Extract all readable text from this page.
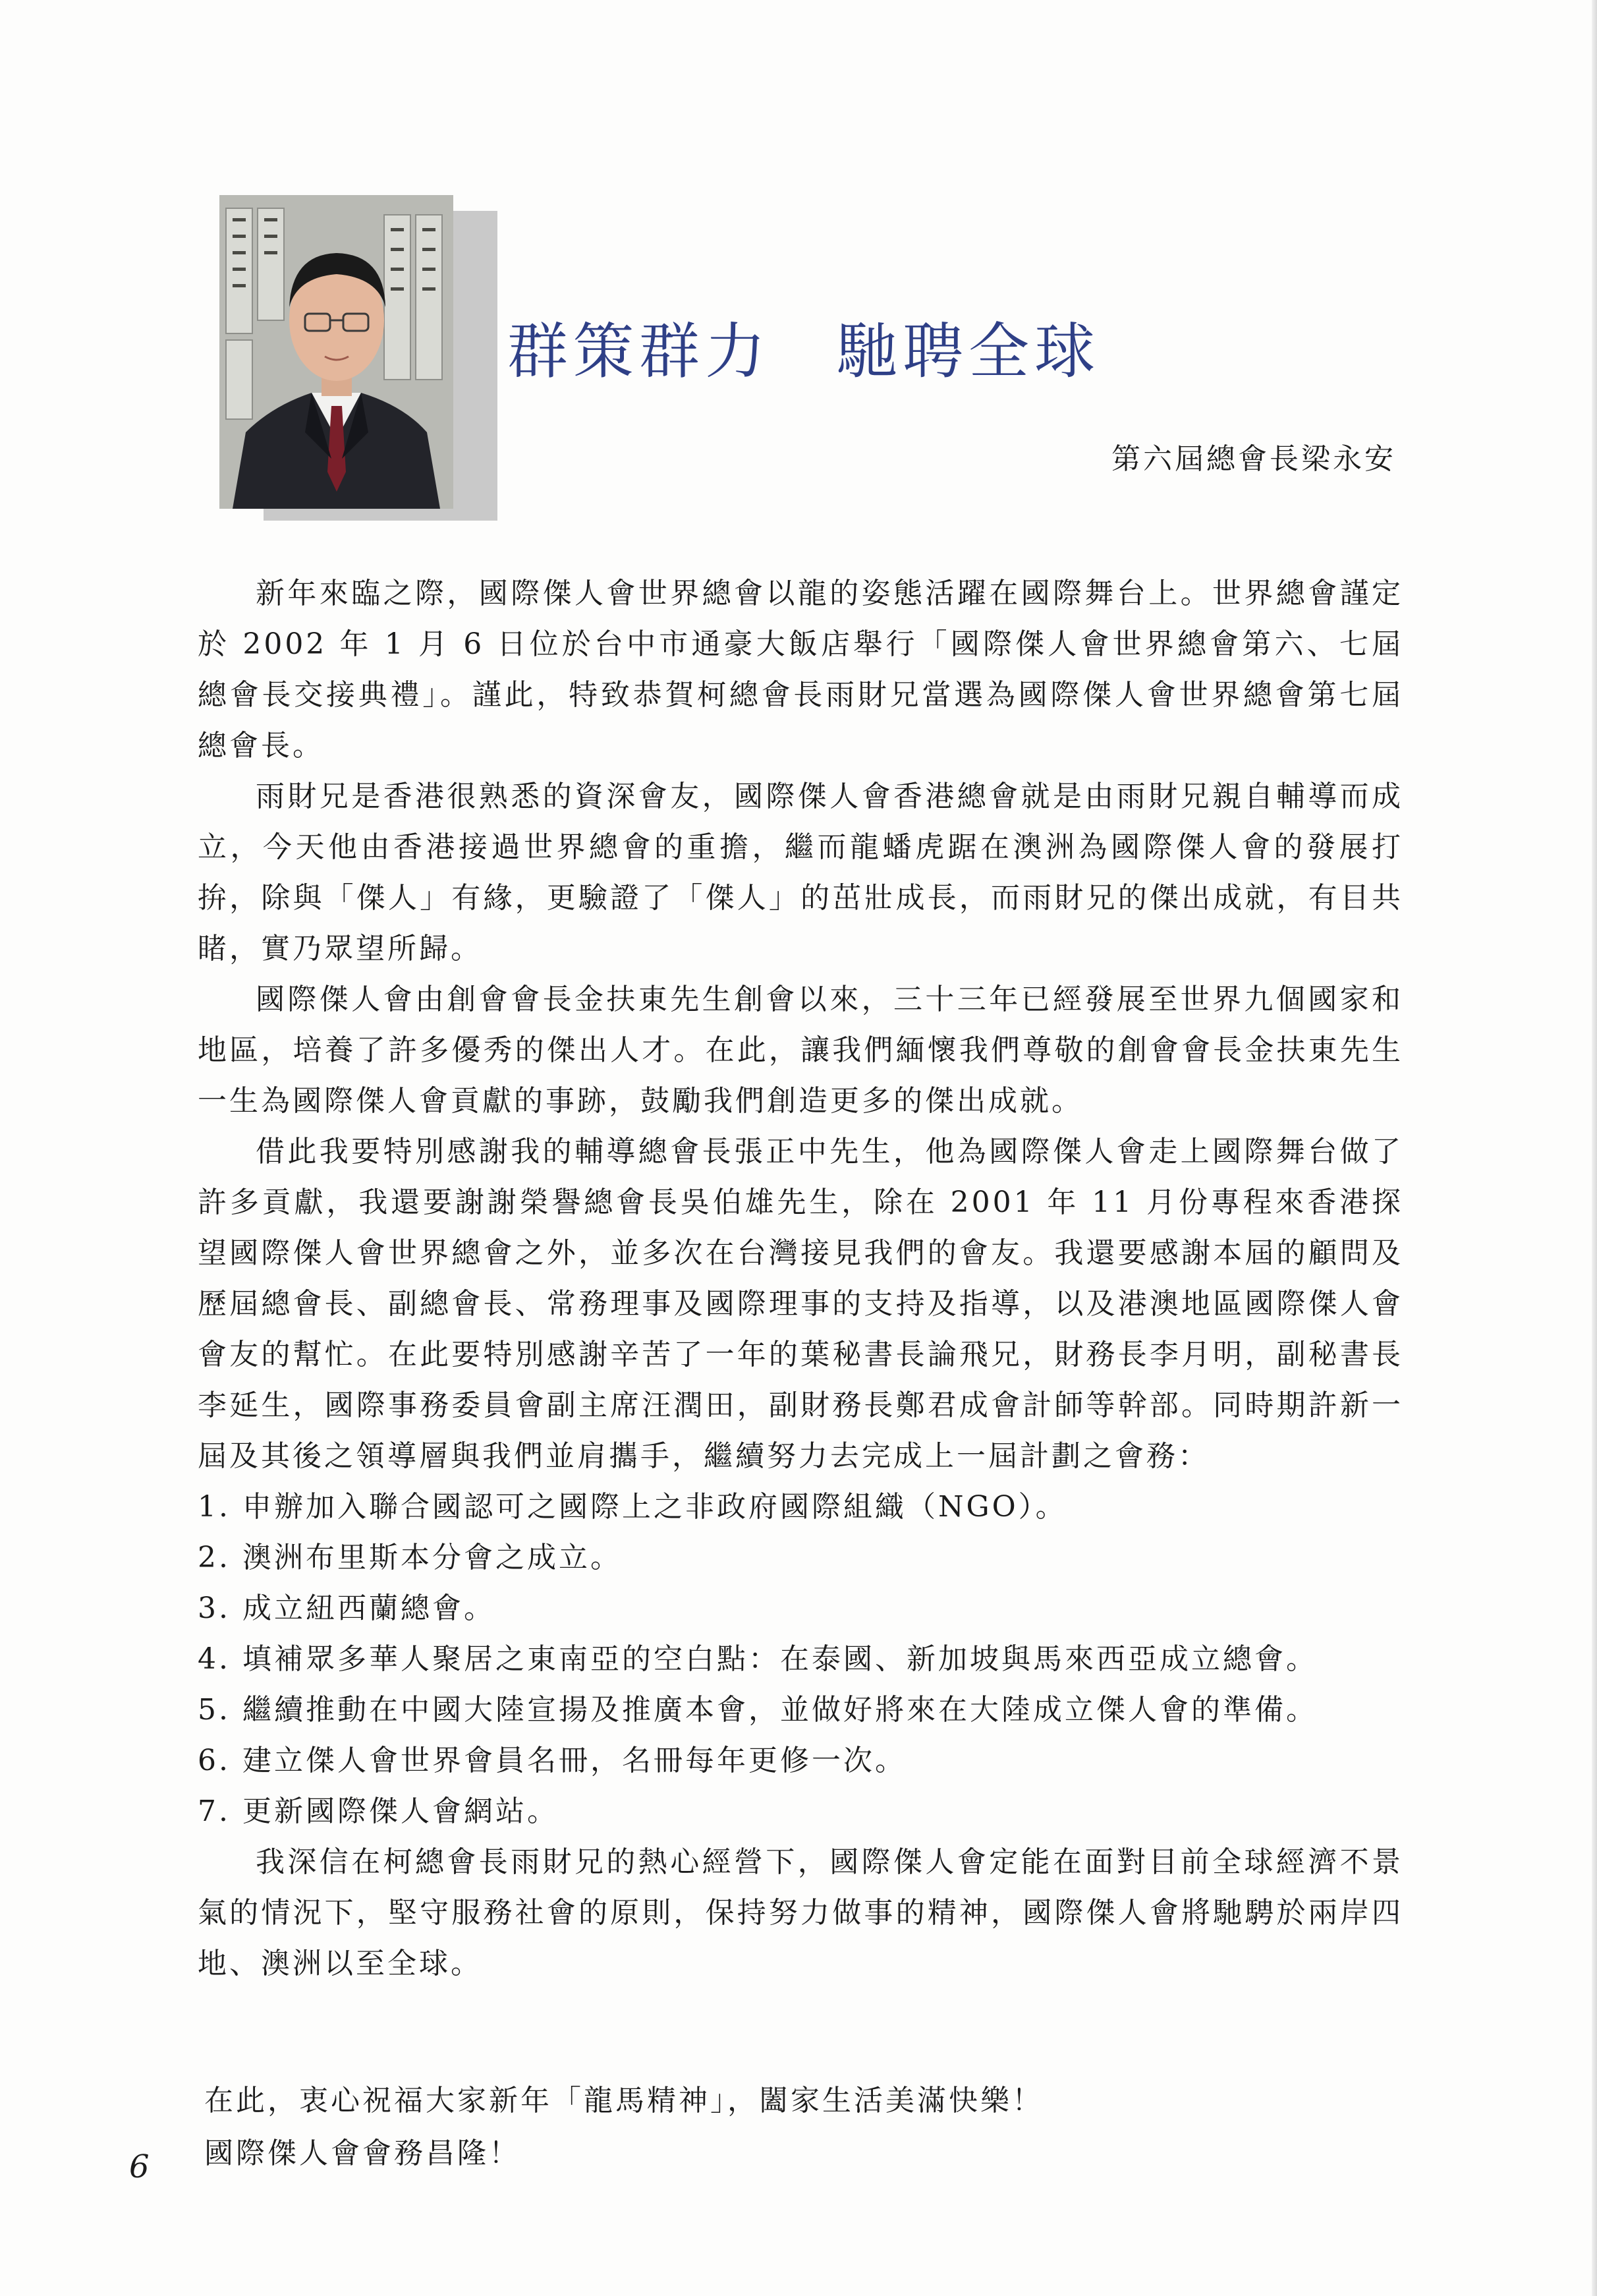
群策群力　馳聘全球

第六屆總會長梁永安

新年來臨之際，國際傑人會世界總會以龍的姿態活躍在國際舞台上。世界總會謹定於 2002 年 1 月 6 日位於台中市通豪大飯店舉行「國際傑人會世界總會第六、七屆總會長交接典禮」。謹此，特致恭賀柯總會長雨財兄當選為國際傑人會世界總會第七屆總會長。

雨財兄是香港很熟悉的資深會友，國際傑人會香港總會就是由雨財兄親自輔導而成立，今天他由香港接過世界總會的重擔，繼而龍蟠虎踞在澳洲為國際傑人會的發展打拚，除與「傑人」有緣，更驗證了「傑人」的茁壯成長，而雨財兄的傑出成就，有目共睹，實乃眾望所歸。

國際傑人會由創會會長金扶東先生創會以來，三十三年已經發展至世界九個國家和地區，培養了許多優秀的傑出人才。在此，讓我們緬懷我們尊敬的創會會長金扶東先生一生為國際傑人會貢獻的事跡，鼓勵我們創造更多的傑出成就。

借此我要特別感謝我的輔導總會長張正中先生，他為國際傑人會走上國際舞台做了許多貢獻，我還要謝謝榮譽總會長吳伯雄先生，除在 2001 年 11 月份專程來香港探望國際傑人會世界總會之外，並多次在台灣接見我們的會友。我還要感謝本屆的顧問及歷屆總會長、副總會長、常務理事及國際理事的支持及指導，以及港澳地區國際傑人會會友的幫忙。在此要特別感謝辛苦了一年的葉秘書長論飛兄，財務長李月明，副秘書長李延生，國際事務委員會副主席汪潤田，副財務長鄭君成會計師等幹部。同時期許新一屆及其後之領導層與我們並肩攜手，繼續努力去完成上一屆計劃之會務：

1. 申辦加入聯合國認可之國際上之非政府國際組織（NGO）。
2. 澳洲布里斯本分會之成立。
3. 成立紐西蘭總會。
4. 填補眾多華人聚居之東南亞的空白點：在泰國、新加坡與馬來西亞成立總會。
5. 繼續推動在中國大陸宣揚及推廣本會，並做好將來在大陸成立傑人會的準備。
6. 建立傑人會世界會員名冊，名冊每年更修一次。
7. 更新國際傑人會網站。

我深信在柯總會長雨財兄的熱心經營下，國際傑人會定能在面對目前全球經濟不景氣的情況下，堅守服務社會的原則，保持努力做事的精神，國際傑人會將馳騁於兩岸四地、澳洲以至全球。

在此，衷心祝福大家新年「龍馬精神」，闔家生活美滿快樂！

國際傑人會會務昌隆！

6
